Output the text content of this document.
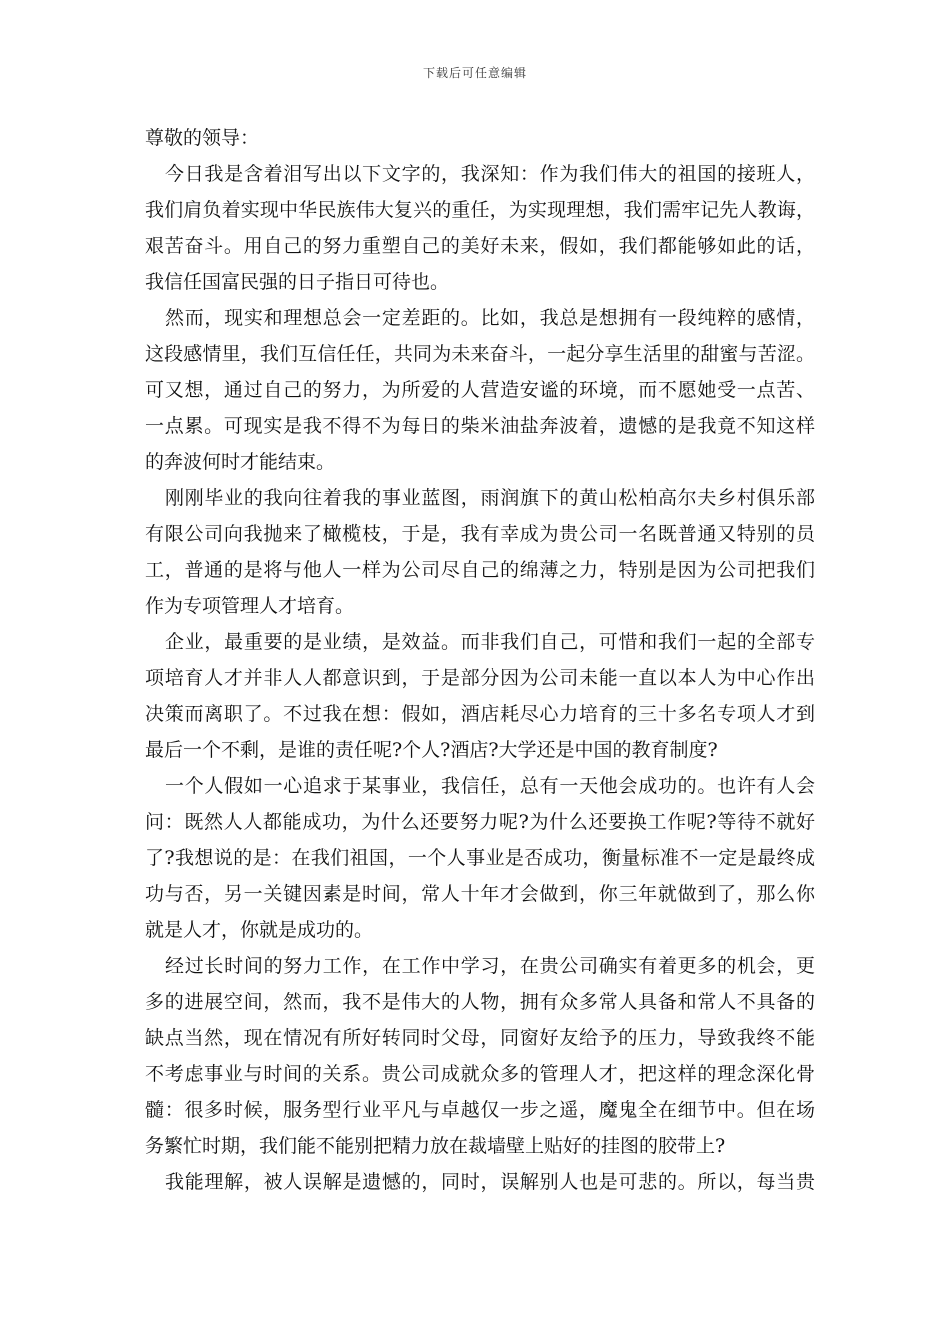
下载后可任意编辑

尊敬的领导：

今日我是含着泪写出以下文字的，我深知：作为我们伟大的祖国的接班人，

我们肩负着实现中华民族伟大复兴的重任，为实现理想，我们需牢记先人教诲，

艰苦奋斗。用自己的努力重塑自己的美好未来，假如，我们都能够如此的话，

我信任国富民强的日子指日可待也。

然而，现实和理想总会一定差距的。比如，我总是想拥有一段纯粹的感情，

这段感情里，我们互信任任，共同为未来奋斗，一起分享生活里的甜蜜与苦涩。

可又想，通过自己的努力，为所爱的人营造安谧的环境，而不愿她受一点苦、

一点累。可现实是我不得不为每日的柴米油盐奔波着，遗憾的是我竟不知这样

的奔波何时才能结束。

刚刚毕业的我向往着我的事业蓝图，雨润旗下的黄山松柏高尔夫乡村俱乐部

有限公司向我抛来了橄榄枝，于是，我有幸成为贵公司一名既普通又特别的员

工，普通的是将与他人一样为公司尽自己的绵薄之力，特别是因为公司把我们

作为专项管理人才培育。

企业，最重要的是业绩，是效益。而非我们自己，可惜和我们一起的全部专

项培育人才并非人人都意识到，于是部分因为公司未能一直以本人为中心作出

决策而离职了。不过我在想：假如，酒店耗尽心力培育的三十多名专项人才到

最后一个不剩，是谁的责任呢?个人?酒店?大学还是中国的教育制度?

一个人假如一心追求于某事业，我信任，总有一天他会成功的。也许有人会

问：既然人人都能成功，为什么还要努力呢?为什么还要换工作呢?等待不就好

了?我想说的是：在我们祖国，一个人事业是否成功，衡量标准不一定是最终成

功与否，另一关键因素是时间，常人十年才会做到，你三年就做到了，那么你

就是人才，你就是成功的。

经过长时间的努力工作，在工作中学习，在贵公司确实有着更多的机会，更

多的进展空间，然而，我不是伟大的人物，拥有众多常人具备和常人不具备的

缺点当然，现在情况有所好转同时父母，同窗好友给予的压力，导致我终不能

不考虑事业与时间的关系。贵公司成就众多的管理人才，把这样的理念深化骨

髓：很多时候，服务型行业平凡与卓越仅一步之遥，魔鬼全在细节中。但在场

务繁忙时期，我们能不能别把精力放在裁墙壁上贴好的挂图的胶带上?

我能理解，被人误解是遗憾的，同时，误解别人也是可悲的。所以，每当贵
